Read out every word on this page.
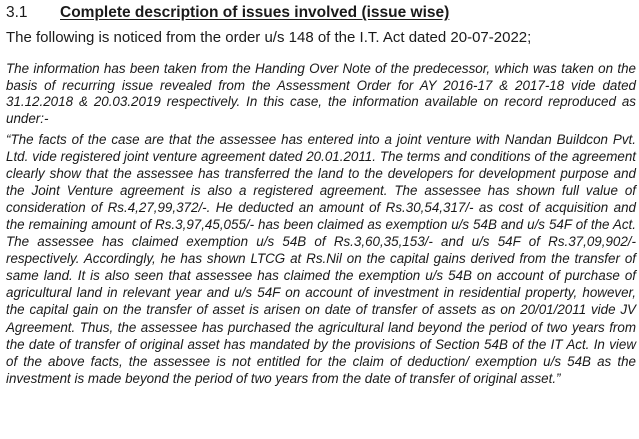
3.1 Complete description of issues involved (issue wise)
The following is noticed from the order u/s 148 of the I.T. Act dated 20-07-2022;
The information has been taken from the Handing Over Note of the predecessor, which was taken on the basis of recurring issue revealed from the Assessment Order for AY 2016-17 & 2017-18 vide dated 31.12.2018 & 20.03.2019 respectively. In this case, the information available on record reproduced as under:-
“The facts of the case are that the assessee has entered into a joint venture with Nandan Buildcon Pvt. Ltd. vide registered joint venture agreement dated 20.01.2011. The terms and conditions of the agreement clearly show that the assessee has transferred the land to the developers for development purpose and the Joint Venture agreement is also a registered agreement. The assessee has shown full value of consideration of Rs.4,27,99,372/-. He deducted an amount of Rs.30,54,317/- as cost of acquisition and the remaining amount of Rs.3,97,45,055/- has been claimed as exemption u/s 54B and u/s 54F of the Act. The assessee has claimed exemption u/s 54B of Rs.3,60,35,153/- and u/s 54F of Rs.37,09,902/- respectively. Accordingly, he has shown LTCG at Rs.Nil on the capital gains derived from the transfer of same land. It is also seen that assessee has claimed the exemption u/s 54B on account of purchase of agricultural land in relevant year and u/s 54F on account of investment in residential property, however, the capital gain on the transfer of asset is arisen on date of transfer of assets as on 20/01/2011 vide JV Agreement. Thus, the assessee has purchased the agricultural land beyond the period of two years from the date of transfer of original asset has mandated by the provisions of Section 54B of the IT Act. In view of the above facts, the assessee is not entitled for the claim of deduction/ exemption u/s 54B as the investment is made beyond the period of two years from the date of transfer of original asset.”
